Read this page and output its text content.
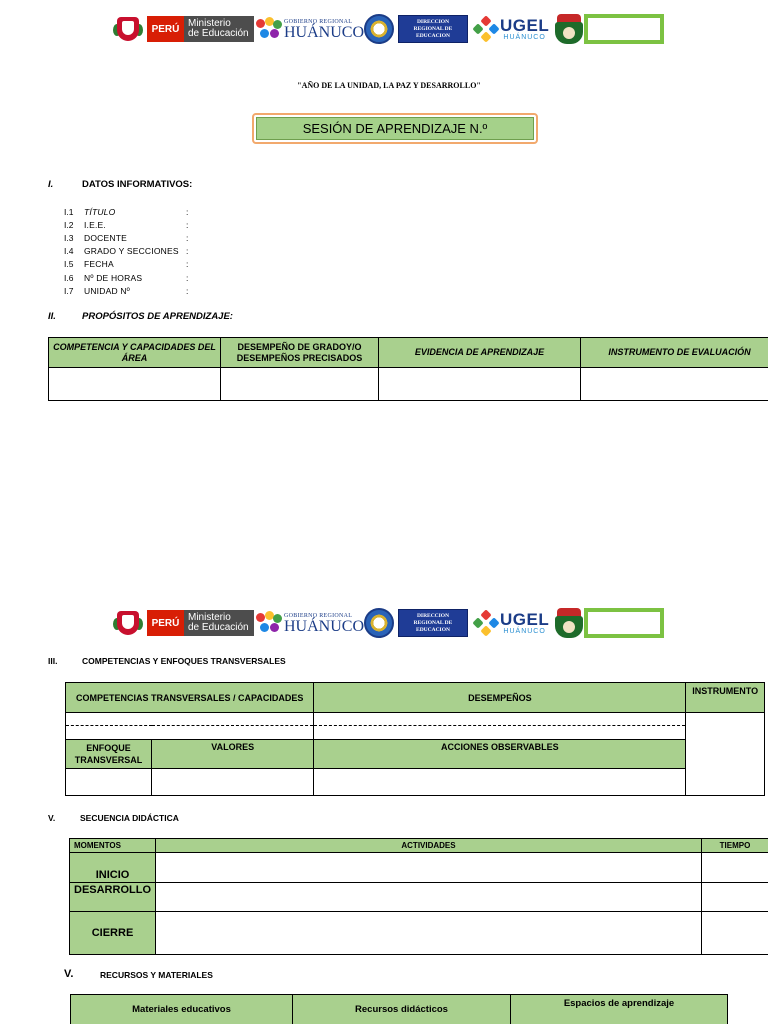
PERÚ Ministerio
de Educación
GOBIERNO REGIONAL
HUÁNUCO
DIRECCION
REGIONAL DE
EDUCACION
UGEL
HUÁNUCO
"AÑO DE LA UNIDAD, LA PAZ Y DESARROLLO"
SESIÓN DE APRENDIZAJE N.º
I.	DATOS INFORMATIVOS:
I.1	TÍTULO	:
I.2	I.E.E.	:
I.3	DOCENTE	:
I.4	GRADO Y SECCIONES :
I.5	FECHA	:
I.6	Nº DE HORAS	:
I.7	UNIDAD Nº	:
II.	PROPÓSITOS DE APRENDIZAJE:
COMPETENCIA Y CAPACIDADES DEL ÁREA	DESEMPEÑO DE GRADOY/O DESEMPEÑOS PRECISADOS	EVIDENCIA DE APRENDIZAJE	INSTRUMENTO DE EVALUACIÓN

PERÚ Ministerio
de Educación
GOBIERNO REGIONAL
HUÁNUCO
DIRECCION
REGIONAL DE
EDUCACION
UGEL
HUÁNUCO
III.	COMPETENCIAS Y ENFOQUES TRANSVERSALES
COMPETENCIAS TRANSVERSALES / CAPACIDADES		DESEMPEÑOS	INSTRUMENTO

ENFOQUE TRANSVERSAL	VALORES	ACCIONES OBSERVABLES	

V.	SECUENCIA DIDÁCTICA
MOMENTOS	ACTIVIDADES	TIEMPO
INICIO		
DESARROLLO		
CIERRE		
V.	RECURSOS Y MATERIALES
Materiales educativos	Recursos didácticos	Espacios de aprendizaje
